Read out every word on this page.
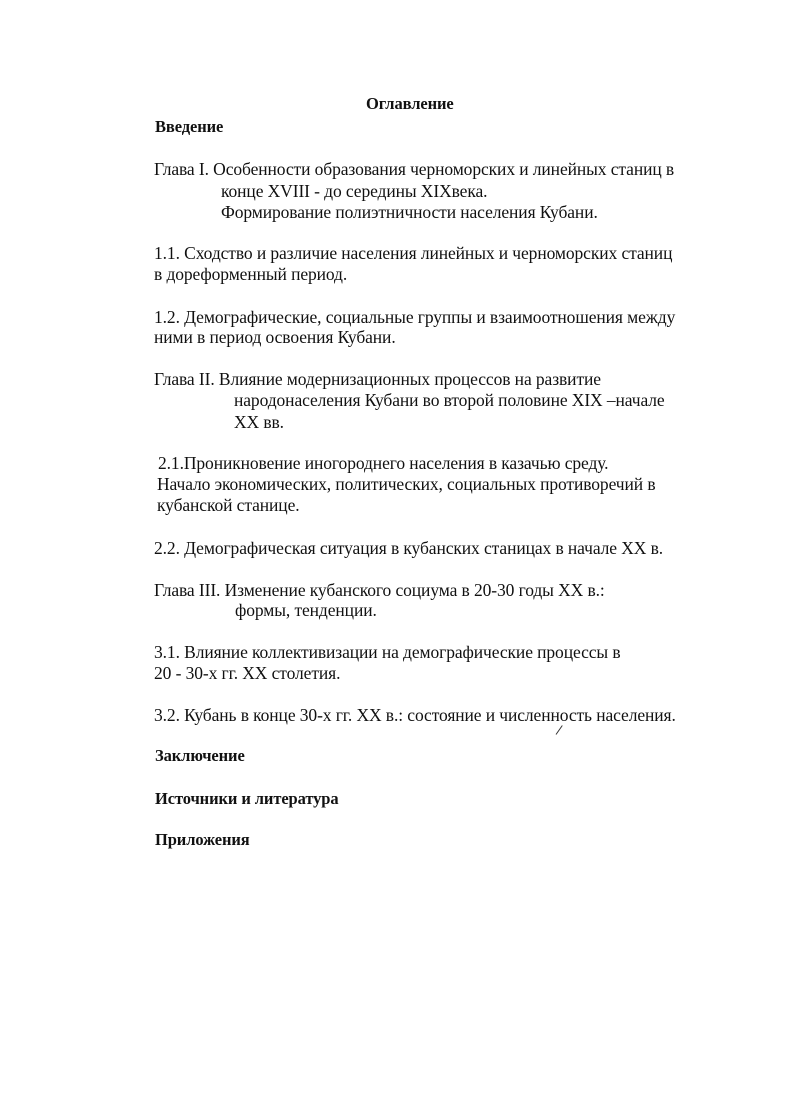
Оглавление
Введение
Глава I. Особенности образования черноморских и линейных станиц в
конце XVIII - до середины XIXвека.
Формирование полиэтничности населения Кубани.
1.1. Сходство и различие населения линейных и черноморских станиц
в дореформенный период.
1.2. Демографические, социальные группы и взаимоотношения между
ними в период освоения Кубани.
Глава II. Влияние модернизационных процессов на развитие
народонаселения Кубани во второй половине XIX –начале
XX вв.
2.1.Проникновение иногороднего населения в казачью среду.
Начало экономических, политических, социальных противоречий в
кубанской станице.
2.2. Демографическая ситуация в кубанских станицах в начале XX в.
Глава III. Изменение кубанского социума в 20-30 годы XX в.:
формы, тенденции.
3.1. Влияние коллективизации на демографические процессы в
20 - 30-х гг. XX столетия.
3.2. Кубань в конце 30-х гг. XX в.: состояние и численность населения.
Заключение
Источники и литература
Приложения
